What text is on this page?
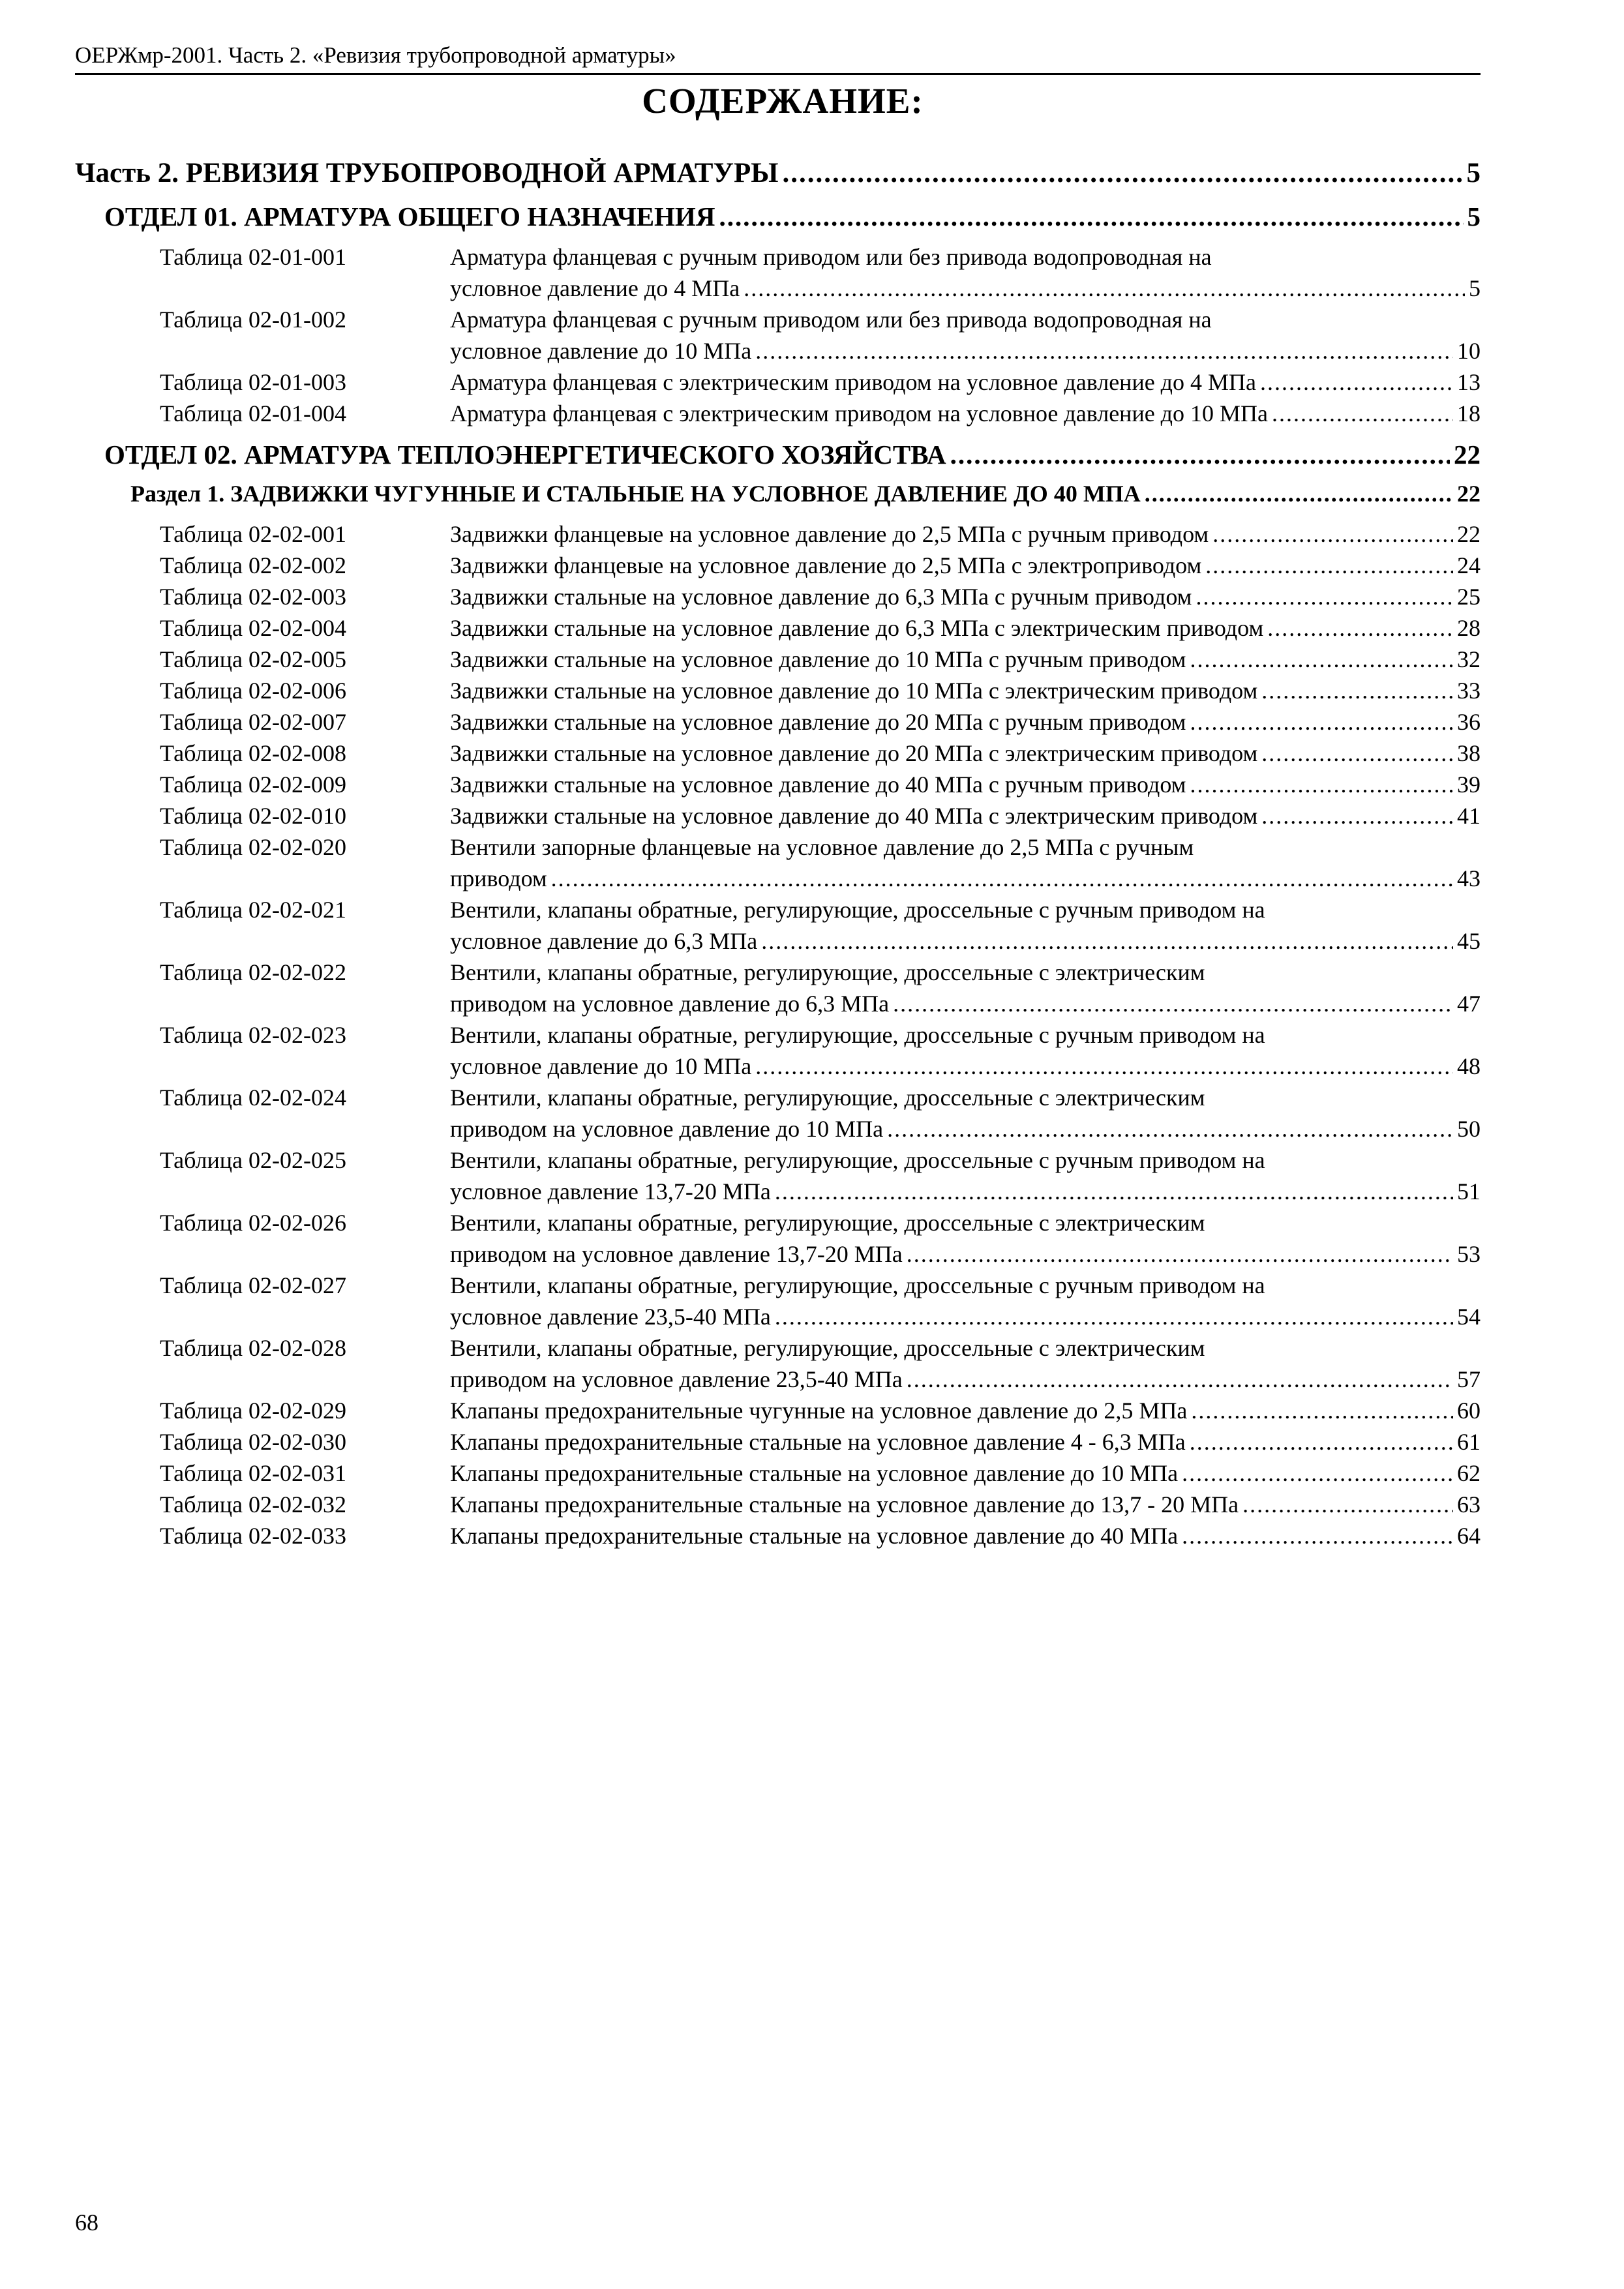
ОЕРЖмр-2001. Часть 2. «Ревизия трубопроводной арматуры»
СОДЕРЖАНИЕ:
Часть 2. РЕВИЗИЯ ТРУБОПРОВОДНОЙ АРМАТУРЫ .....	5
ОТДЕЛ 01. АРМАТУРА ОБЩЕГО НАЗНАЧЕНИЯ .....	5
Таблица 02-01-001	Арматура фланцевая с ручным приводом или без привода водопроводная на
условное давление до 4 МПа .....	5
Таблица 02-01-002	Арматура фланцевая с ручным приводом или без привода водопроводная на
условное давление до 10 МПа .....	10
Таблица 02-01-003	Арматура фланцевая с электрическим приводом на условное давление до 4 МПа .....	13
Таблица 02-01-004	Арматура фланцевая с электрическим приводом на условное давление до 10 МПа .....	18
ОТДЕЛ 02. АРМАТУРА ТЕПЛОЭНЕРГЕТИЧЕСКОГО ХОЗЯЙСТВА .....	22
Раздел 1. ЗАДВИЖКИ ЧУГУННЫЕ И СТАЛЬНЫЕ НА УСЛОВНОЕ ДАВЛЕНИЕ ДО 40 МПА .....	22
Таблица 02-02-001	Задвижки фланцевые на условное давление до 2,5 МПа с ручным приводом .....	22
Таблица 02-02-002	Задвижки фланцевые на условное давление до 2,5 МПа с электроприводом .....	24
Таблица 02-02-003	Задвижки стальные на условное давление до 6,3 МПа с ручным приводом .....	25
Таблица 02-02-004	Задвижки стальные на условное давление до 6,3 МПа с электрическим приводом .....	28
Таблица 02-02-005	Задвижки стальные на условное давление до 10 МПа с ручным приводом .....	32
Таблица 02-02-006	Задвижки стальные на условное давление до 10 МПа с электрическим приводом .....	33
Таблица 02-02-007	Задвижки стальные на условное давление до 20 МПа с ручным приводом .....	36
Таблица 02-02-008	Задвижки стальные на условное давление до 20 МПа с электрическим приводом .....	38
Таблица 02-02-009	Задвижки стальные на условное давление до 40 МПа с ручным приводом .....	39
Таблица 02-02-010	Задвижки стальные на условное давление до 40 МПа с электрическим приводом .....	41
Таблица 02-02-020	Вентили запорные фланцевые на условное давление до 2,5 МПа с ручным
приводом .....	43
Таблица 02-02-021	Вентили, клапаны обратные, регулирующие, дроссельные с ручным приводом на
условное давление до 6,3 МПа .....	45
Таблица 02-02-022	Вентили, клапаны обратные, регулирующие, дроссельные с электрическим
приводом на условное давление до 6,3 МПа .....	47
Таблица 02-02-023	Вентили, клапаны обратные, регулирующие, дроссельные с ручным приводом на
условное давление до 10 МПа .....	48
Таблица 02-02-024	Вентили, клапаны обратные, регулирующие, дроссельные с электрическим
приводом на условное давление до 10 МПа .....	50
Таблица 02-02-025	Вентили, клапаны обратные, регулирующие, дроссельные с ручным приводом на
условное давление 13,7-20 МПа .....	51
Таблица 02-02-026	Вентили, клапаны обратные, регулирующие, дроссельные с электрическим
приводом на условное давление 13,7-20 МПа .....	53
Таблица 02-02-027	Вентили, клапаны обратные, регулирующие, дроссельные с ручным приводом на
условное давление 23,5-40 МПа .....	54
Таблица 02-02-028	Вентили, клапаны обратные, регулирующие, дроссельные с электрическим
приводом на условное давление 23,5-40 МПа .....	57
Таблица 02-02-029	Клапаны предохранительные чугунные на условное давление до 2,5 МПа .....	60
Таблица 02-02-030	Клапаны предохранительные стальные на условное давление 4 - 6,3 МПа .....	61
Таблица 02-02-031	Клапаны предохранительные стальные на условное давление до 10 МПа .....	62
Таблица 02-02-032	Клапаны предохранительные стальные на условное давление до 13,7 - 20 МПа .....	63
Таблица 02-02-033	Клапаны предохранительные стальные на условное давление до 40 МПа .....	64
68
